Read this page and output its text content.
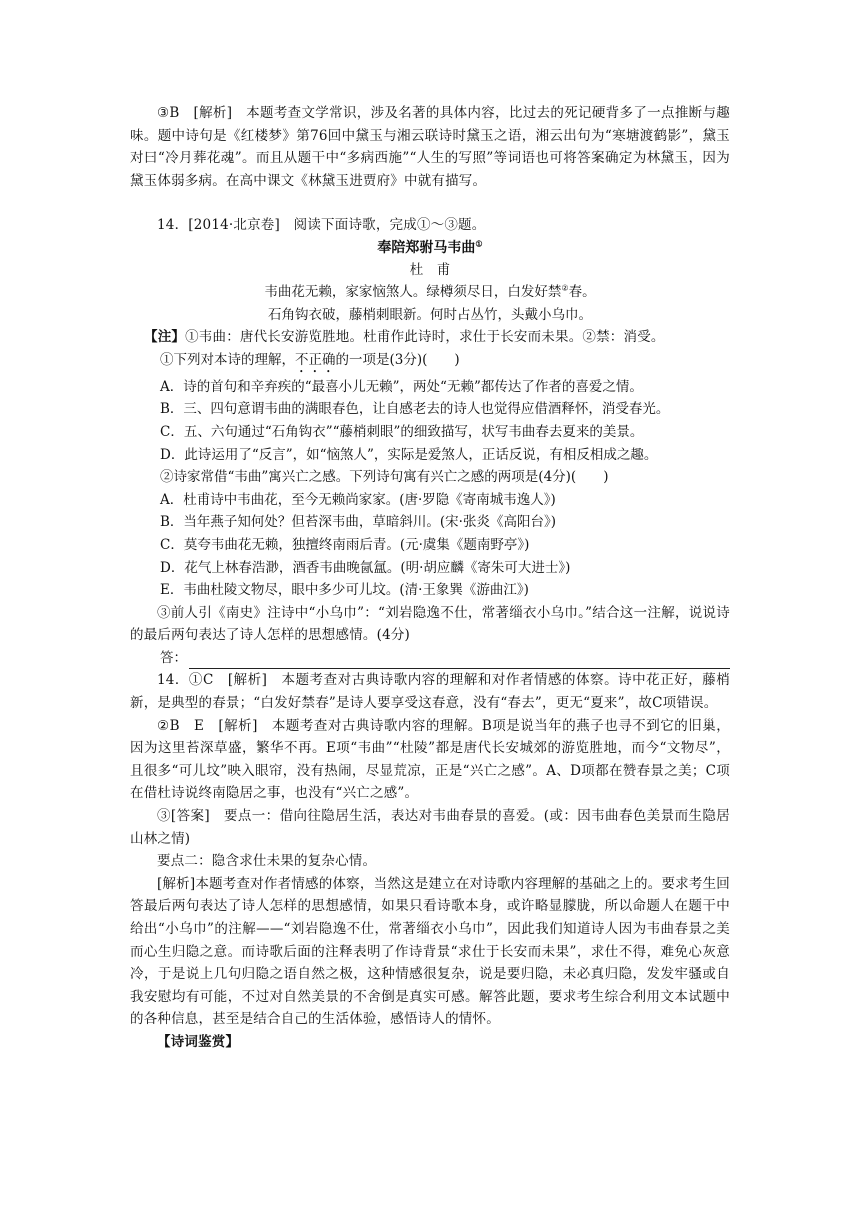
③B　[解析]　本题考查文学常识，涉及名著的具体内容，比过去的死记硬背多了一点推断与趣味。题中诗句是《红楼梦》第76回中黛玉与湘云联诗时黛玉之语，湘云出句为“寒塘渡鹤影”，黛玉对曰“冷月葬花魂”。而且从题干中“多病西施”“人生的写照”等词语也可将答案确定为林黛玉，因为黛玉体弱多病。在高中课文《林黛玉进贾府》中就有描写。

14．[2014·北京卷]　阅读下面诗歌，完成①～③题。

奉陪郑驸马韦曲①

杜　甫

韦曲花无赖，家家恼煞人。绿樽须尽日，白发好禁②春。

石角钩衣破，藤梢刺眼新。何时占丛竹，头戴小乌巾。

【注】①韦曲：唐代长安游览胜地。杜甫作此诗时，求仕于长安而未果。②禁：消受。

①下列对本诗的理解，不正确的一项是(3分)(　　)

A．诗的首句和辛弃疾的“最喜小儿无赖”，两处“无赖”都传达了作者的喜爱之情。

B．三、四句意谓韦曲的满眼春色，让自感老去的诗人也觉得应借酒释怀，消受春光。

C．五、六句通过“石角钩衣”“藤梢刺眼”的细致描写，状写韦曲春去夏来的美景。

D．此诗运用了“反言”，如“恼煞人”，实际是爱煞人，正话反说，有相反相成之趣。

②诗家常借“韦曲”寓兴亡之感。下列诗句寓有兴亡之感的两项是(4分)(　　)

A．杜甫诗中韦曲花，至今无赖尚家家。(唐·罗隐《寄南城韦逸人》)

B．当年燕子知何处？但苔深韦曲，草暗斜川。(宋·张炎《高阳台》)

C．莫夸韦曲花无赖，独擅终南雨后青。(元·虞集《题南野亭》)

D．花气上林春浩渺，酒香韦曲晚氤氲。(明·胡应麟《寄朱可大进士》)

E．韦曲杜陵文物尽，眼中多少可儿坟。(清·王象巽《游曲江》)

③前人引《南史》注诗中“小乌巾”：“刘岩隐逸不仕，常著缁衣小乌巾。”结合这一注解，说说诗的最后两句表达了诗人怎样的思想感情。(4分)

答：

14．①C　[解析]　本题考查对古典诗歌内容的理解和对作者情感的体察。诗中花正好，藤梢新，是典型的春景；“白发好禁春”是诗人要享受这春意，没有“春去”，更无“夏来”，故C项错误。

②B　E　[解析]　本题考查对古典诗歌内容的理解。B项是说当年的燕子也寻不到它的旧巢，因为这里苔深草盛，繁华不再。E项“韦曲”“杜陵”都是唐代长安城郊的游览胜地，而今“文物尽”，且很多“可儿坟”映入眼帘，没有热闹，尽显荒凉，正是“兴亡之感”。A、D项都在赞春景之美；C项在借杜诗说终南隐居之事，也没有“兴亡之感”。

③[答案]　要点一：借向往隐居生活，表达对韦曲春景的喜爱。(或：因韦曲春色美景而生隐居山林之情)

要点二：隐含求仕未果的复杂心情。

[解析]本题考查对作者情感的体察，当然这是建立在对诗歌内容理解的基础之上的。要求考生回答最后两句表达了诗人怎样的思想感情，如果只看诗歌本身，或许略显朦胧，所以命题人在题干中给出“小乌巾”的注解——“刘岩隐逸不仕，常著缁衣小乌巾”，因此我们知道诗人因为韦曲春景之美而心生归隐之意。而诗歌后面的注释表明了作诗背景“求仕于长安而未果”，求仕不得，难免心灰意冷，于是说上几句归隐之语自然之极，这种情感很复杂，说是要归隐，未必真归隐，发发牢骚或自我安慰均有可能，不过对自然美景的不舍倒是真实可感。解答此题，要求考生综合利用文本试题中的各种信息，甚至是结合自己的生活体验，感悟诗人的情怀。

【诗词鉴赏】
